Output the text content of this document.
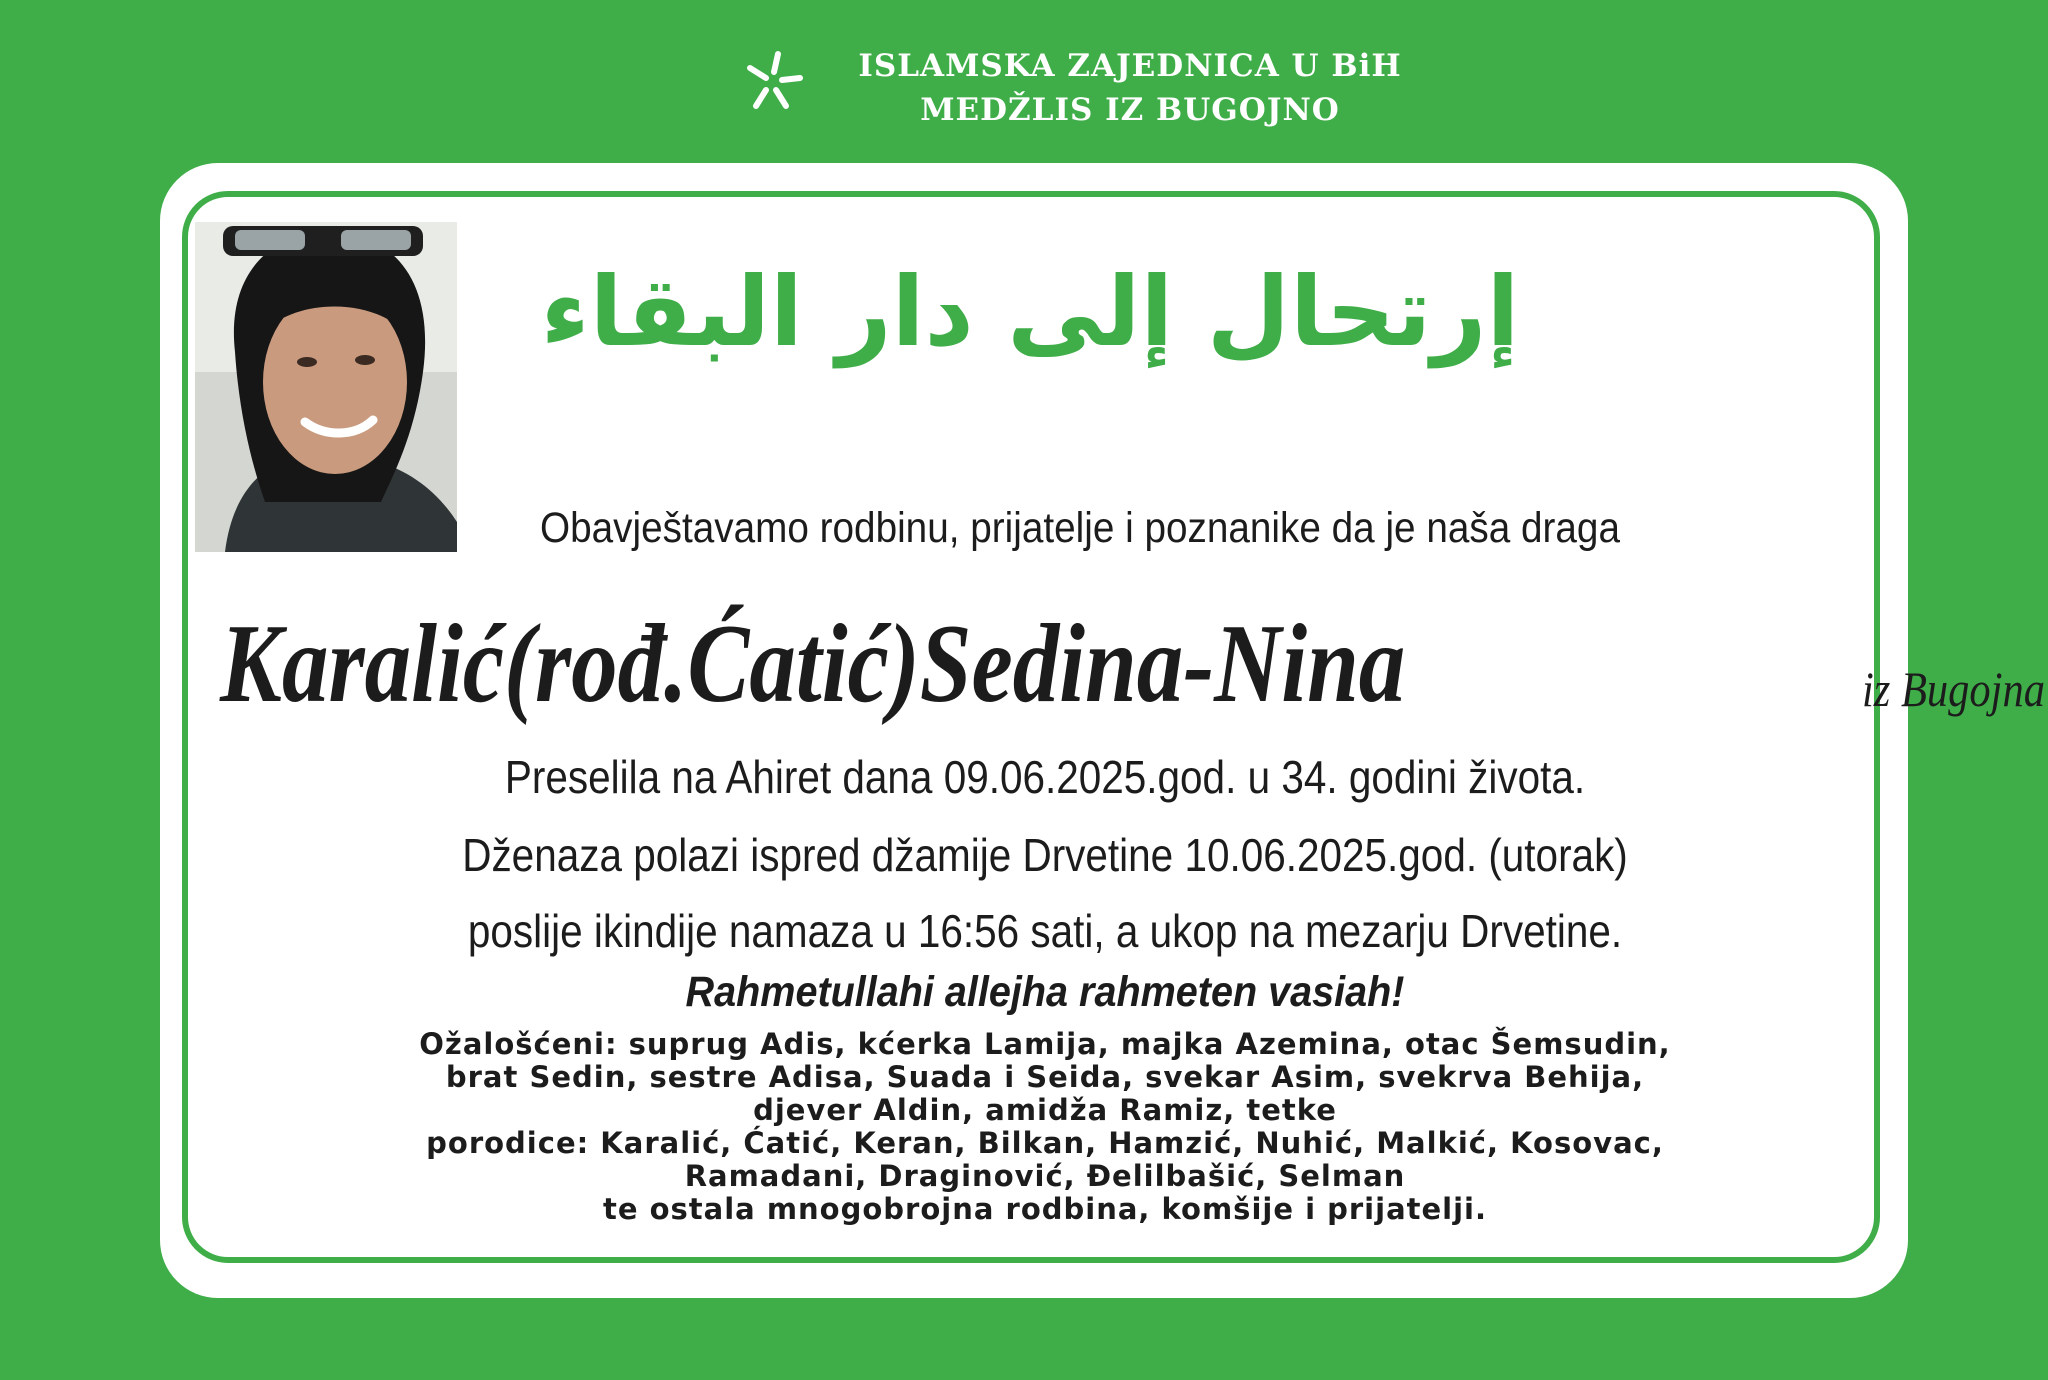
ISLAMSKA ZAJEDNICA U BiH
MEDŽLIS IZ BUGOJNO
إرتحال إلى دار البقاء
Obavještavamo rodbinu, prijatelje i poznanike da je naša draga
Karalić(rođ.Ćatić)Sedina-Nina	iz Bugojna
Preselila na Ahiret dana 09.06.2025.god. u 34. godini života.
Dženaza polazi ispred džamije Drvetine 10.06.2025.god. (utorak)
poslije ikindije namaza u 16:56 sati, a ukop na mezarju Drvetine.
Rahmetullahi allejha rahmeten vasiah!
Ožalošćeni: suprug Adis, kćerka Lamija, majka Azemina, otac Šemsudin,
brat Sedin, sestre Adisa, Suada i Seida, svekar Asim, svekrva Behija,
djever Aldin, amidža Ramiz, tetke
porodice: Karalić, Ćatić, Keran, Bilkan, Hamzić, Nuhić, Malkić, Kosovac,
Ramadani, Draginović, Đelilbašić, Selman
te ostala mnogobrojna rodbina, komšije i prijatelji.
